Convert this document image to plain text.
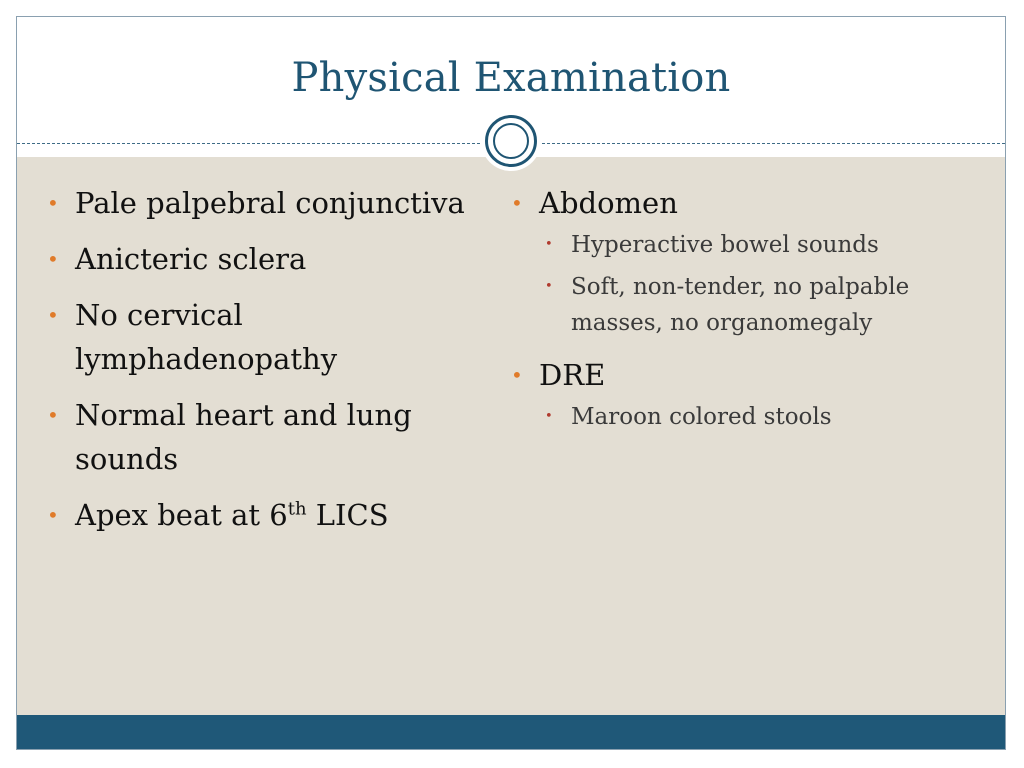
Physical Examination
• Pale palpebral conjunctiva
• Anicteric sclera
• No cervical lymphadenopathy
• Normal heart and lung sounds
• Apex beat at 6th LICS
• Abdomen
• Hyperactive bowel sounds
• Soft, non-tender, no palpable masses, no organomegaly
• DRE
• Maroon colored stools
